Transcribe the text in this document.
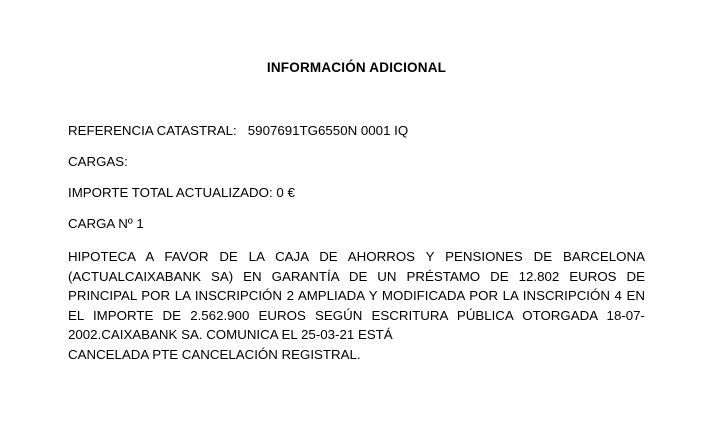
INFORMACIÓN ADICIONAL
REFERENCIA CATASTRAL:   5907691TG6550N 0001 IQ
CARGAS:
IMPORTE TOTAL ACTUALIZADO: 0 €
CARGA Nº 1

HIPOTECA A FAVOR DE LA CAJA DE AHORROS Y PENSIONES DE BARCELONA (ACTUALCAIXABANK SA) EN GARANTÍA DE UN PRÉSTAMO DE 12.802 EUROS DE PRINCIPAL POR LA INSCRIPCIÓN 2 AMPLIADA Y MODIFICADA POR LA INSCRIPCIÓN 4 EN EL IMPORTE DE 2.562.900 EUROS SEGÚN ESCRITURA PÚBLICA OTORGADA 18-07-2002.CAIXABANK SA. COMUNICA EL 25-03-21 ESTÁ
CANCELADA PTE CANCELACIÓN REGISTRAL.
